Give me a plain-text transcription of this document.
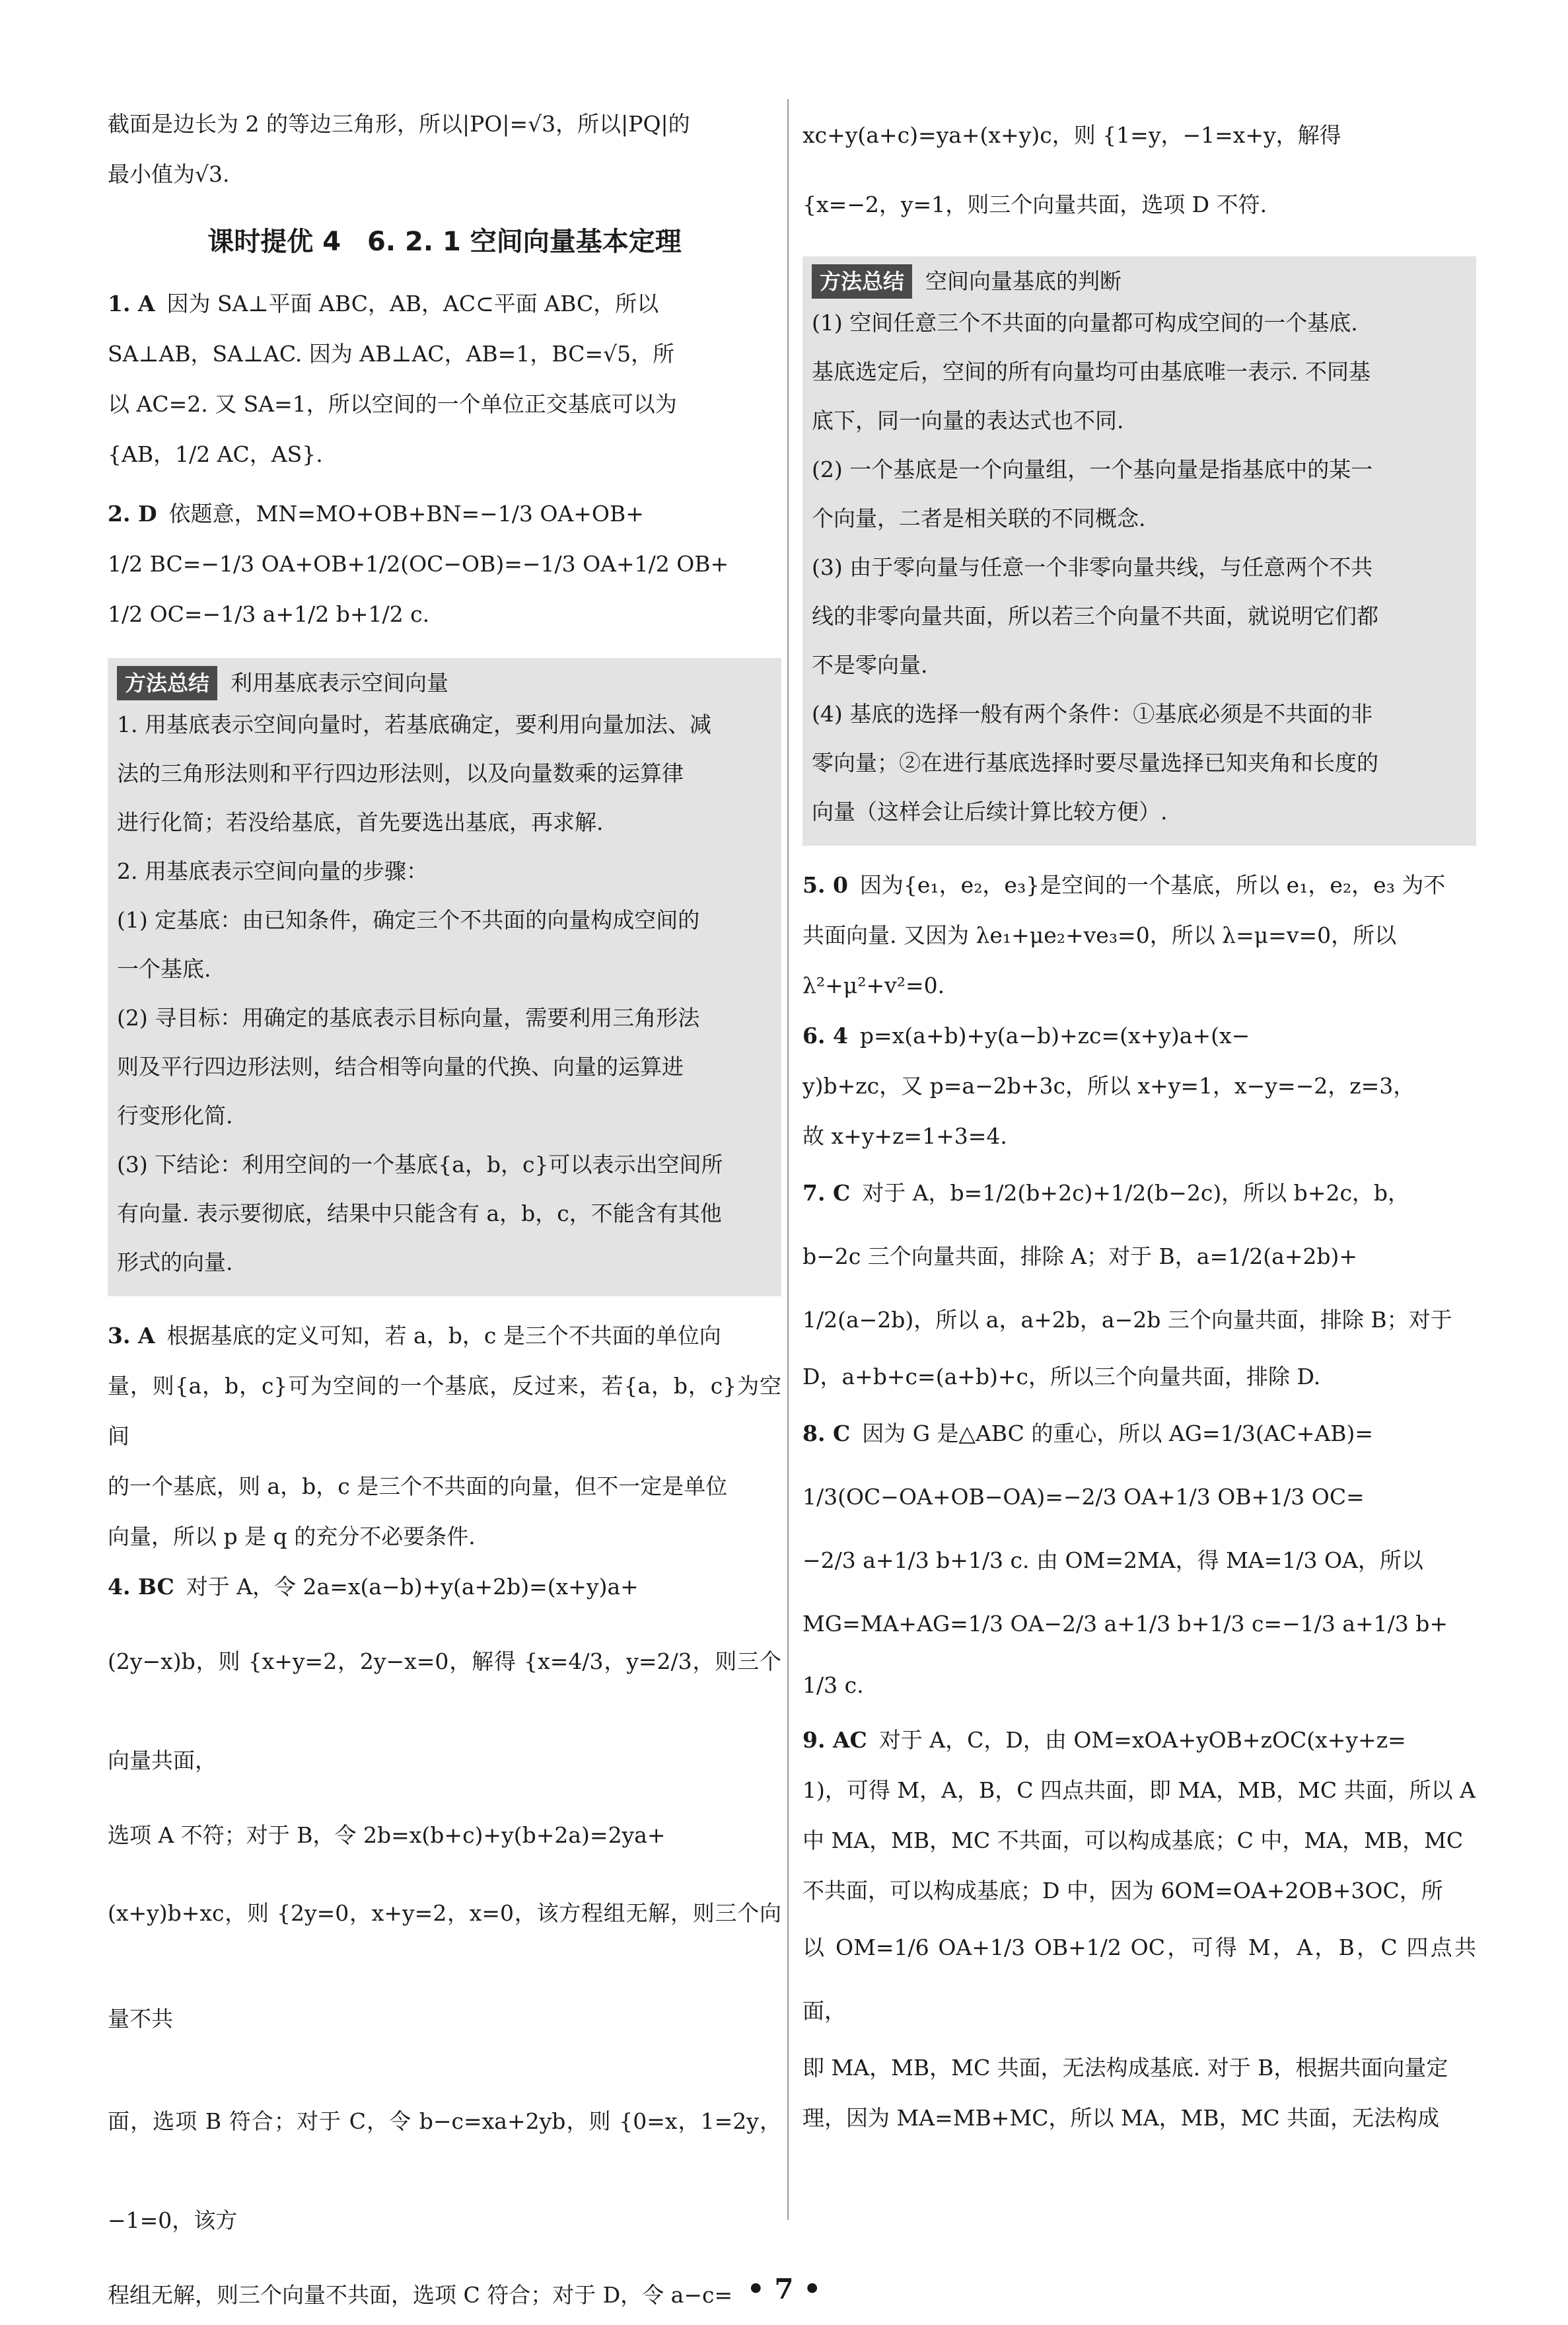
截面是边长为 2 的等边三角形，所以|PO|=√3，所以|PQ|的

最小值为√3.

课时提优 4　6. 2. 1 空间向量基本定理

1. A 因为 SA⊥平面 ABC，AB，AC⊂平面 ABC，所以

SA⊥AB，SA⊥AC. 因为 AB⊥AC，AB=1，BC=√5，所

以 AC=2. 又 SA=1，所以空间的一个单位正交基底可以为

{AB，1/2 AC，AS}.

2. D 依题意，MN=MO+OB+BN=−1/3 OA+OB+

1/2 BC=−1/3 OA+OB+1/2(OC−OB)=−1/3 OA+1/2 OB+

1/2 OC=−1/3 a+1/2 b+1/2 c.

方法总结 利用基底表示空间向量

1. 用基底表示空间向量时，若基底确定，要利用向量加法、减

法的三角形法则和平行四边形法则，以及向量数乘的运算律

进行化简；若没给基底，首先要选出基底，再求解.

2. 用基底表示空间向量的步骤：

(1) 定基底：由已知条件，确定三个不共面的向量构成空间的

一个基底.

(2) 寻目标：用确定的基底表示目标向量，需要利用三角形法

则及平行四边形法则，结合相等向量的代换、向量的运算进

行变形化简.

(3) 下结论：利用空间的一个基底{a，b，c}可以表示出空间所

有向量. 表示要彻底，结果中只能含有 a，b，c，不能含有其他

形式的向量.

3. A 根据基底的定义可知，若 a，b，c 是三个不共面的单位向

量，则{a，b，c}可为空间的一个基底，反过来，若{a，b，c}为空间

的一个基底，则 a，b，c 是三个不共面的向量，但不一定是单位

向量，所以 p 是 q 的充分不必要条件.

4. BC 对于 A，令 2a=x(a−b)+y(a+2b)=(x+y)a+

(2y−x)b，则 {x+y=2，2y−x=0，解得 {x=4/3，y=2/3，则三个向量共面，

选项 A 不符；对于 B，令 2b=x(b+c)+y(b+2a)=2ya+

(x+y)b+xc，则 {2y=0，x+y=2，x=0，该方程组无解，则三个向量不共

面，选项 B 符合；对于 C，令 b−c=xa+2yb，则 {0=x，1=2y，−1=0，该方

程组无解，则三个向量不共面，选项 C 符合；对于 D，令 a−c=

xc+y(a+c)=ya+(x+y)c，则 {1=y，−1=x+y，解得

{x=−2，y=1，则三个向量共面，选项 D 不符.

方法总结 空间向量基底的判断

(1) 空间任意三个不共面的向量都可构成空间的一个基底.

基底选定后，空间的所有向量均可由基底唯一表示. 不同基

底下，同一向量的表达式也不同.

(2) 一个基底是一个向量组，一个基向量是指基底中的某一

个向量，二者是相关联的不同概念.

(3) 由于零向量与任意一个非零向量共线，与任意两个不共

线的非零向量共面，所以若三个向量不共面，就说明它们都

不是零向量.

(4) 基底的选择一般有两个条件：①基底必须是不共面的非

零向量；②在进行基底选择时要尽量选择已知夹角和长度的

向量（这样会让后续计算比较方便）.

5. 0 因为{e₁，e₂，e₃}是空间的一个基底，所以 e₁，e₂，e₃ 为不

共面向量. 又因为 λe₁+μe₂+ve₃=0，所以 λ=μ=v=0，所以

λ²+μ²+v²=0.

6. 4 p=x(a+b)+y(a−b)+zc=(x+y)a+(x−

y)b+zc，又 p=a−2b+3c，所以 x+y=1，x−y=−2，z=3，

故 x+y+z=1+3=4.

7. C 对于 A，b=1/2(b+2c)+1/2(b−2c)，所以 b+2c，b，

b−2c 三个向量共面，排除 A；对于 B，a=1/2(a+2b)+

1/2(a−2b)，所以 a，a+2b，a−2b 三个向量共面，排除 B；对于

D，a+b+c=(a+b)+c，所以三个向量共面，排除 D.

8. C 因为 G 是△ABC 的重心，所以 AG=1/3(AC+AB)=

1/3(OC−OA+OB−OA)=−2/3 OA+1/3 OB+1/3 OC=

−2/3 a+1/3 b+1/3 c. 由 OM=2MA，得 MA=1/3 OA，所以

MG=MA+AG=1/3 OA−2/3 a+1/3 b+1/3 c=−1/3 a+1/3 b+

1/3 c.

9. AC 对于 A，C，D，由 OM=xOA+yOB+zOC(x+y+z=

1)，可得 M，A，B，C 四点共面，即 MA，MB，MC 共面，所以 A

中 MA，MB，MC 不共面，可以构成基底；C 中，MA，MB，MC

不共面，可以构成基底；D 中，因为 6OM=OA+2OB+3OC，所

以 OM=1/6 OA+1/3 OB+1/2 OC，可得 M，A，B，C 四点共面，

即 MA，MB，MC 共面，无法构成基底. 对于 B，根据共面向量定

理，因为 MA=MB+MC，所以 MA，MB，MC 共面，无法构成

• 7 •
